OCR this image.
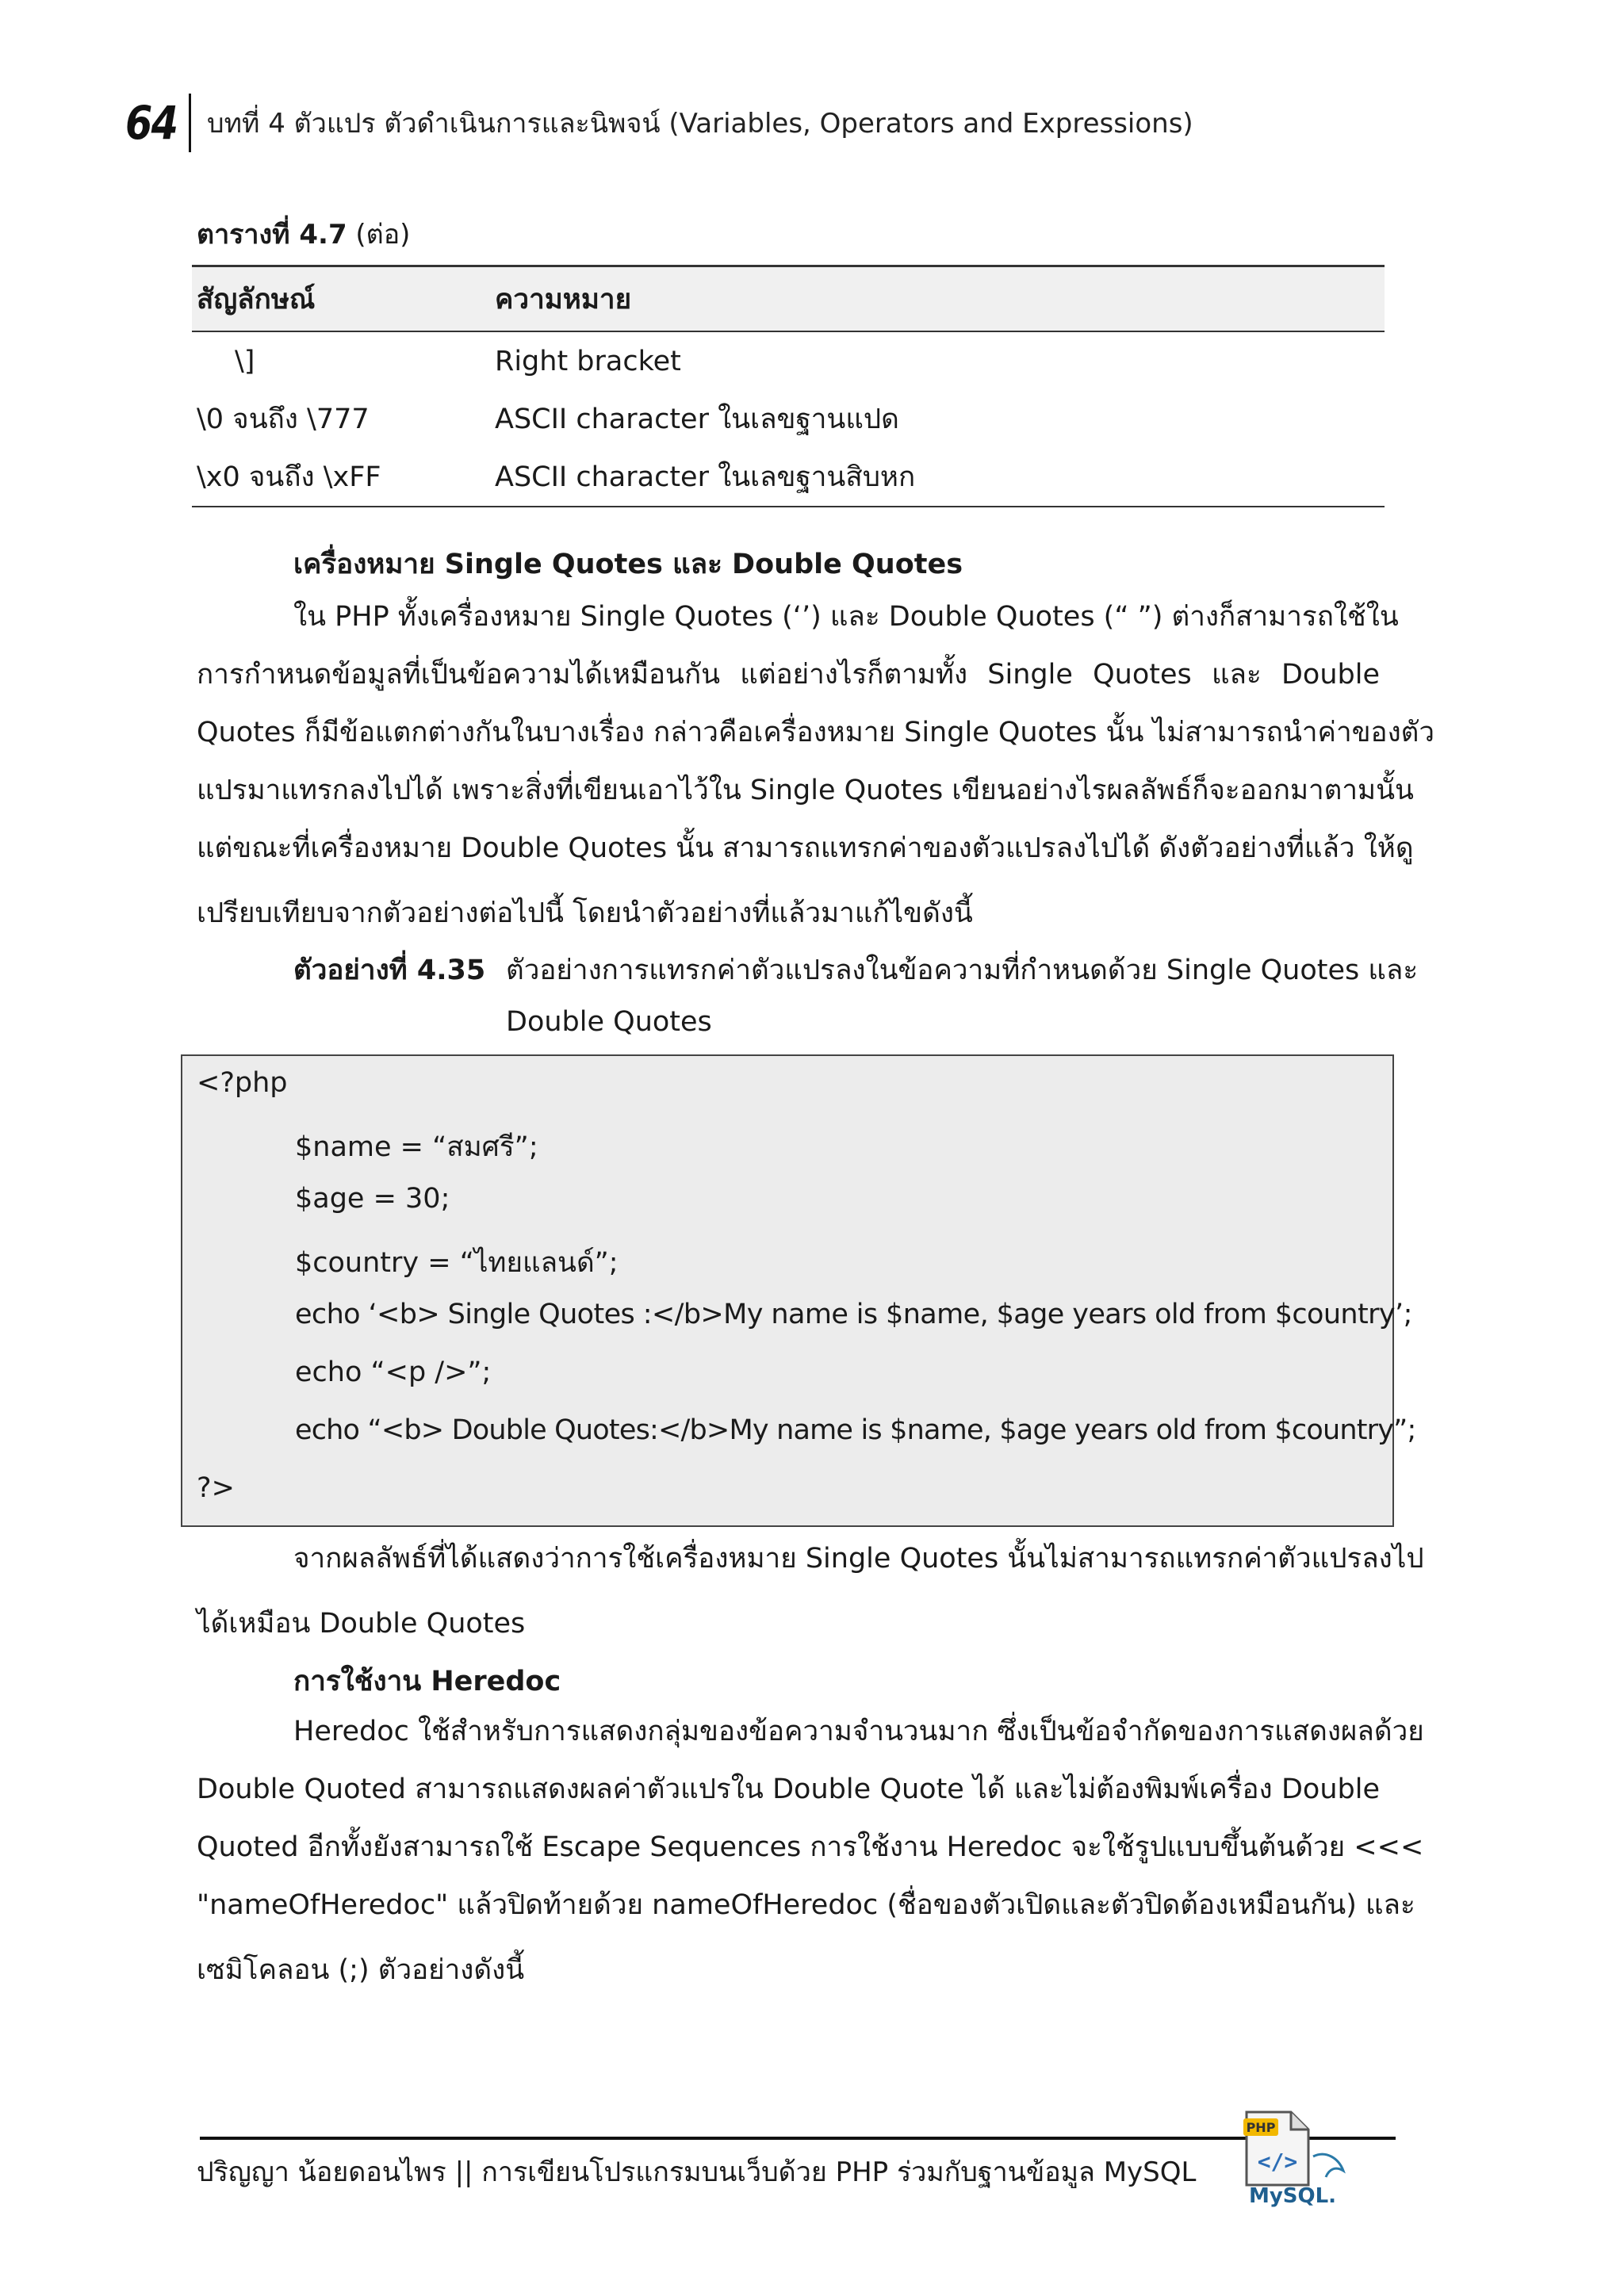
64 บทที่ 4 ตัวแปร ตัวดำเนินการและนิพจน์ (Variables, Operators and Expressions)
ตารางที่ 4.7 (ต่อ)
สัญลักษณ์	ความหมาย
\]	Right bracket
\0 จนถึง \777	ASCII character ในเลขฐานแปด
\x0 จนถึง \xFF	ASCII character ในเลขฐานสิบหก
เครื่องหมาย Single Quotes และ Double Quotes
ใน PHP ทั้งเครื่องหมาย Single Quotes (‘’) และ Double Quotes (“ ”) ต่างก็สามารถใช้ใน
การกำหนดข้อมูลที่เป็นข้อความได้เหมือนกัน แต่อย่างไรก็ตามทั้ง Single Quotes และ Double
Quotes ก็มีข้อแตกต่างกันในบางเรื่อง กล่าวคือเครื่องหมาย Single Quotes นั้น ไม่สามารถนำค่าของตัว
แปรมาแทรกลงไปได้ เพราะสิ่งที่เขียนเอาไว้ใน Single Quotes เขียนอย่างไรผลลัพธ์ก็จะออกมาตามนั้น
แต่ขณะที่เครื่องหมาย Double Quotes นั้น สามารถแทรกค่าของตัวแปรลงไปได้ ดังตัวอย่างที่แล้ว ให้ดู
เปรียบเทียบจากตัวอย่างต่อไปนี้ โดยนำตัวอย่างที่แล้วมาแก้ไขดังนี้
ตัวอย่างที่ 4.35 ตัวอย่างการแทรกค่าตัวแปรลงในข้อความที่กำหนดด้วย Single Quotes และ
Double Quotes
<?php
$name = “สมศรี”;
$age = 30;
$country = “ไทยแลนด์”;
echo ‘<b> Single Quotes :</b>My name is $name, $age years old from $country’;
echo “<p />”;
echo “<b> Double Quotes:</b>My name is $name, $age years old from $country”;
?>
จากผลลัพธ์ที่ได้แสดงว่าการใช้เครื่องหมาย Single Quotes นั้นไม่สามารถแทรกค่าตัวแปรลงไป
ได้เหมือน Double Quotes
การใช้งาน Heredoc
Heredoc ใช้สำหรับการแสดงกลุ่มของข้อความจำนวนมาก ซึ่งเป็นข้อจำกัดของการแสดงผลด้วย
Double Quoted สามารถแสดงผลค่าตัวแปรใน Double Quote ได้ และไม่ต้องพิมพ์เครื่อง Double
Quoted อีกทั้งยังสามารถใช้ Escape Sequences การใช้งาน Heredoc จะใช้รูปแบบขึ้นต้นด้วย <<<
"nameOfHeredoc" แล้วปิดท้ายด้วย nameOfHeredoc (ชื่อของตัวเปิดและตัวปิดต้องเหมือนกัน) และ
เซมิโคลอน (;) ตัวอย่างดังนี้
ปริญญา น้อยดอนไพร || การเขียนโปรแกรมบนเว็บด้วย PHP ร่วมกับฐานข้อมูล MySQL
PHP
</>
MySQL.
